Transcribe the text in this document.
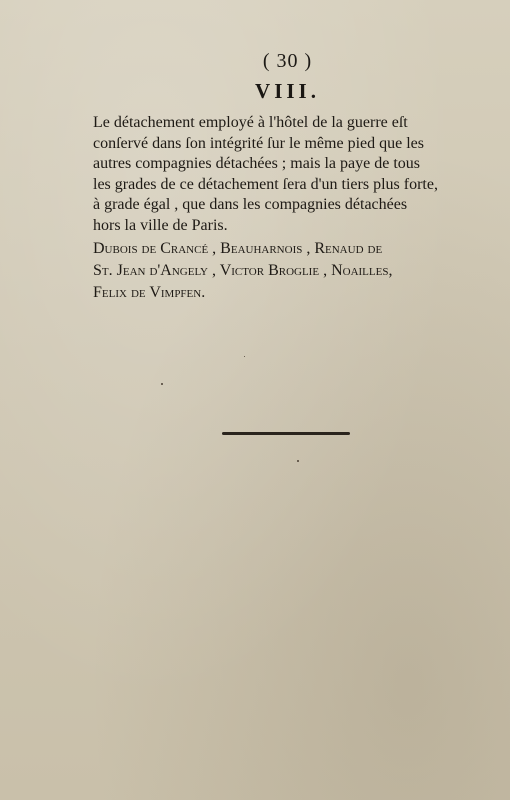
( 30 )
VIII.
Le détachement employé à l'hôtel de la guerre eſt
conſervé dans ſon intégrité ſur le même pied que les
autres compagnies détachées ; mais la paye de tous
les grades de ce détachement ſera d'un tiers plus forte,
à grade égal , que dans les compagnies détachées
hors la ville de Paris.
Dubois de Crancé , Beauharnois , Renaud de
St. Jean d'Angely , Victor Broglie , Noailles,
Felix de Vimpfen.
